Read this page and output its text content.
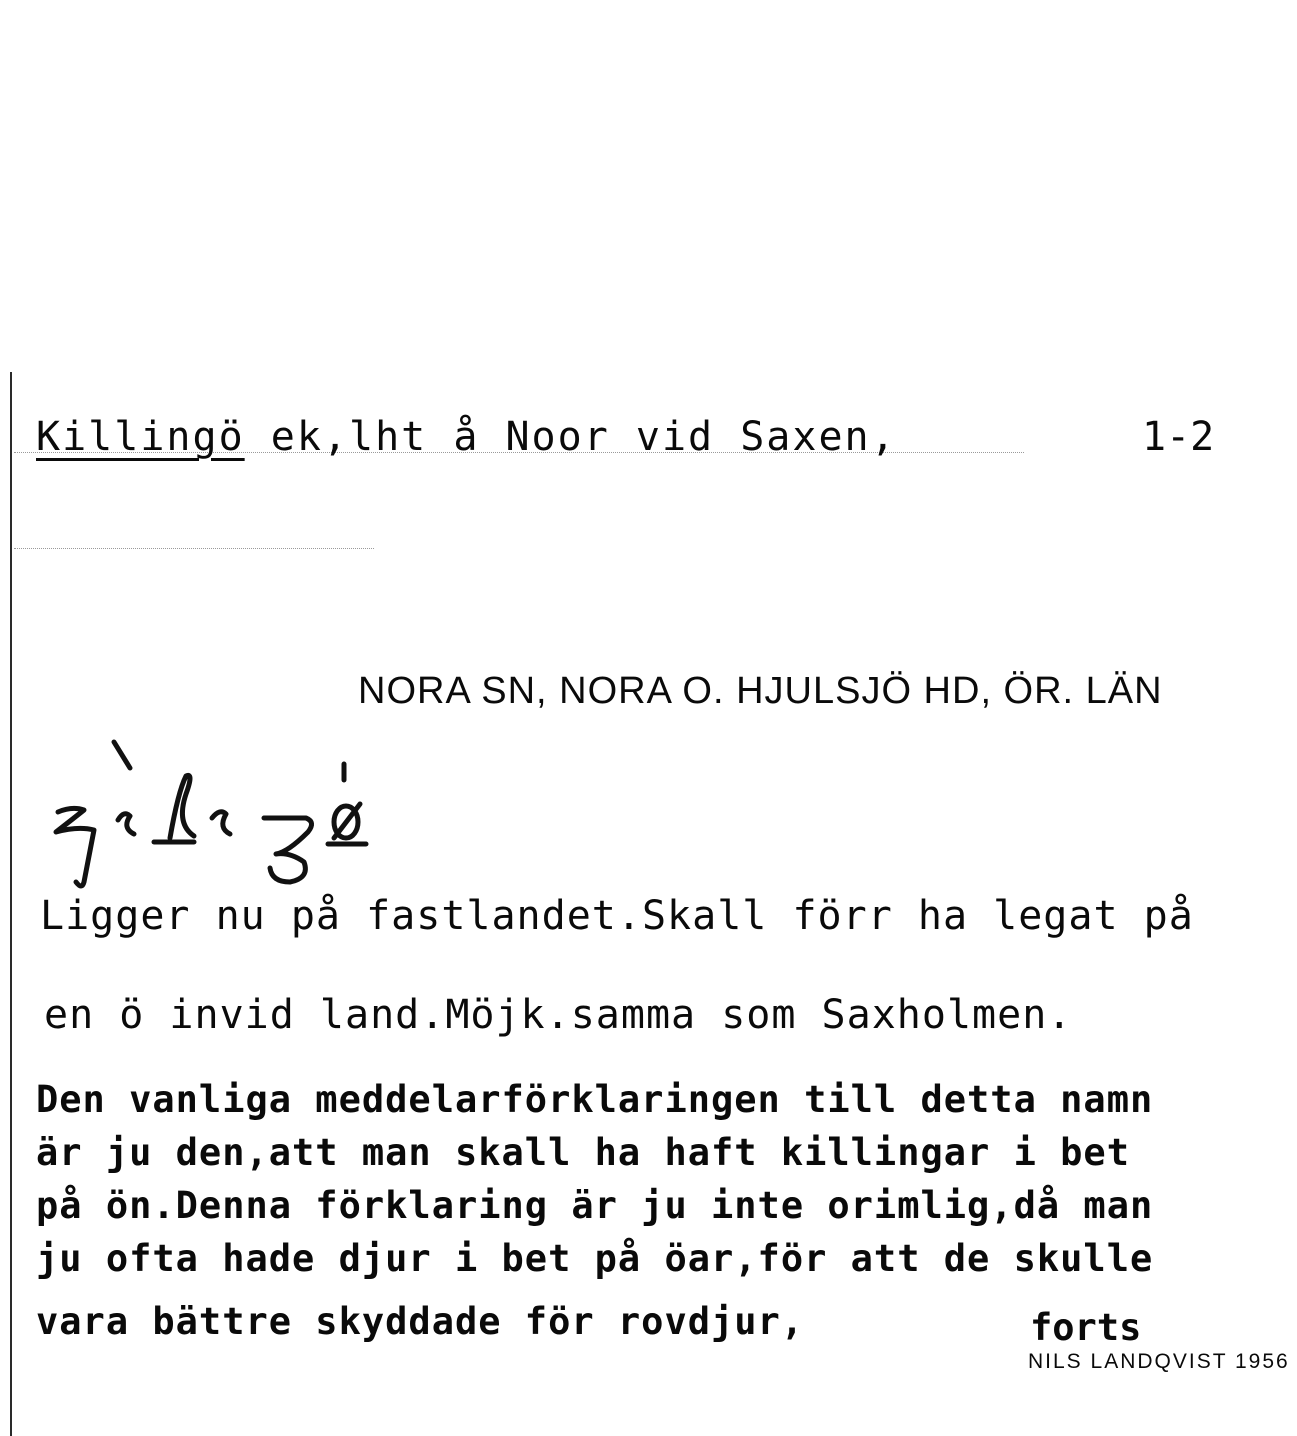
Killingö ek,lht å Noor vid Saxen,	1-2
NORA SN, NORA O. HJULSJÖ HD, ÖR. LÄN
Ligger nu på fastlandet.Skall förr ha legat på
en ö invid land.Möjk.samma som Saxholmen.
Den vanliga meddelarförklaringen till detta namn
är ju den,att man skall ha haft killingar i bet
på ön.Denna förklaring är ju inte orimlig,då man
ju ofta hade djur i bet på öar,för att de skulle
vara bättre skyddade för rovdjur,	forts
NILS LANDQVIST 1956
